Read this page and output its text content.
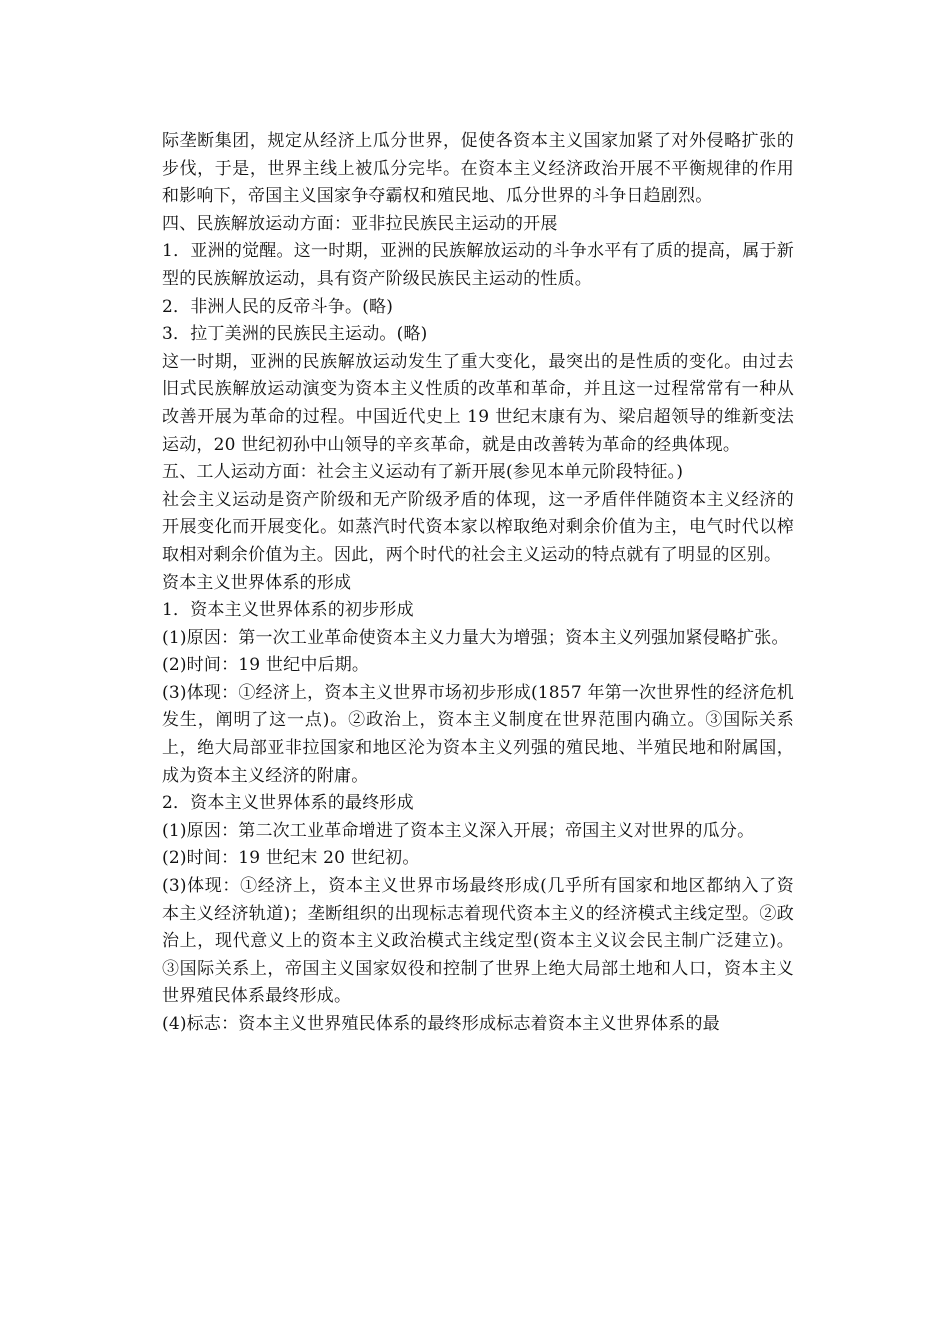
际垄断集团，规定从经济上瓜分世界，促使各资本主义国家加紧了对外侵略扩张的步伐，于是，世界主线上被瓜分完毕。在资本主义经济政治开展不平衡规律的作用和影响下，帝国主义国家争夺霸权和殖民地、瓜分世界的斗争日趋剧烈。

四、民族解放运动方面：亚非拉民族民主运动的开展

1．亚洲的觉醒。这一时期，亚洲的民族解放运动的斗争水平有了质的提高，属于新型的民族解放运动，具有资产阶级民族民主运动的性质。

2．非洲人民的反帝斗争。(略)

3．拉丁美洲的民族民主运动。(略)

这一时期，亚洲的民族解放运动发生了重大变化，最突出的是性质的变化。由过去旧式民族解放运动演变为资本主义性质的改革和革命，并且这一过程常常有一种从改善开展为革命的过程。中国近代史上 19 世纪末康有为、梁启超领导的维新变法运动，20 世纪初孙中山领导的辛亥革命，就是由改善转为革命的经典体现。

五、工人运动方面：社会主义运动有了新开展(参见本单元阶段特征。)

社会主义运动是资产阶级和无产阶级矛盾的体现，这一矛盾伴伴随资本主义经济的开展变化而开展变化。如蒸汽时代资本家以榨取绝对剩余价值为主，电气时代以榨取相对剩余价值为主。因此，两个时代的社会主义运动的特点就有了明显的区别。

资本主义世界体系的形成

1．资本主义世界体系的初步形成

(1)原因：第一次工业革命使资本主义力量大为增强；资本主义列强加紧侵略扩张。

(2)时间：19 世纪中后期。

(3)体现：①经济上，资本主义世界市场初步形成(1857 年第一次世界性的经济危机发生，阐明了这一点)。②政治上，资本主义制度在世界范围内确立。③国际关系上，绝大局部亚非拉国家和地区沦为资本主义列强的殖民地、半殖民地和附属国，成为资本主义经济的附庸。

2．资本主义世界体系的最终形成

(1)原因：第二次工业革命增进了资本主义深入开展；帝国主义对世界的瓜分。

(2)时间：19 世纪末 20 世纪初。

(3)体现：①经济上，资本主义世界市场最终形成(几乎所有国家和地区都纳入了资本主义经济轨道)；垄断组织的出现标志着现代资本主义的经济模式主线定型。②政治上，现代意义上的资本主义政治模式主线定型(资本主义议会民主制广泛建立)。③国际关系上，帝国主义国家奴役和控制了世界上绝大局部土地和人口，资本主义世界殖民体系最终形成。

(4)标志：资本主义世界殖民体系的最终形成标志着资本主义世界体系的最
